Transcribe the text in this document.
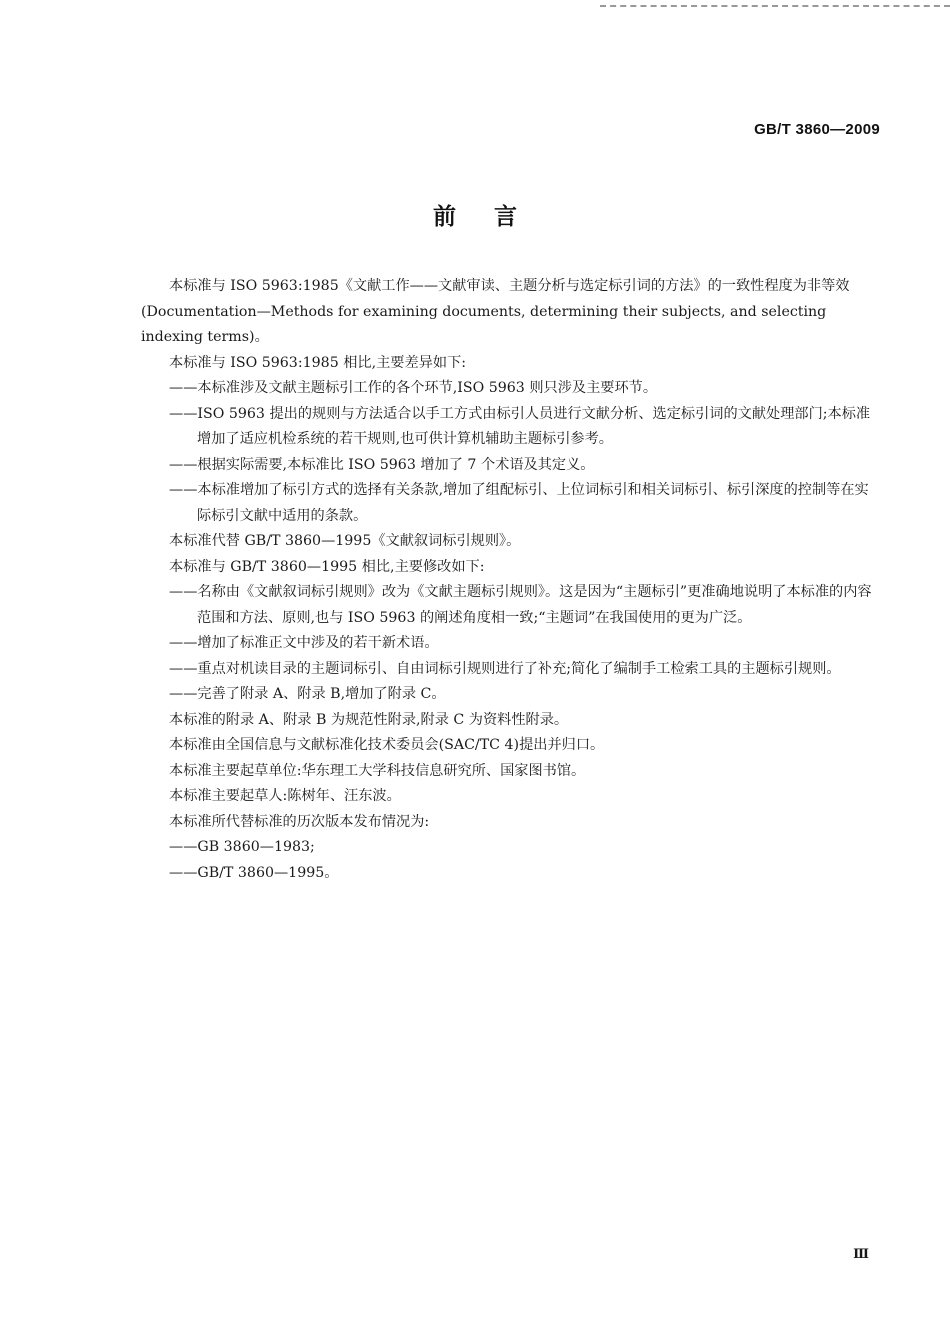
GB/T 3860—2009
前言

本标准与 ISO 5963:1985《文献工作——文献审读、主题分析与选定标引词的方法》的一致性程度为非等效(Documentation—Methods for examining documents, determining their subjects, and selecting indexing terms)。

本标准与 ISO 5963:1985 相比,主要差异如下:

——本标准涉及文献主题标引工作的各个环节,ISO 5963 则只涉及主要环节。

——ISO 5963 提出的规则与方法适合以手工方式由标引人员进行文献分析、选定标引词的文献处理部门;本标准增加了适应机检系统的若干规则,也可供计算机辅助主题标引参考。

——根据实际需要,本标准比 ISO 5963 增加了 7 个术语及其定义。

——本标准增加了标引方式的选择有关条款,增加了组配标引、上位词标引和相关词标引、标引深度的控制等在实际标引文献中适用的条款。

本标准代替 GB/T 3860—1995《文献叙词标引规则》。

本标准与 GB/T 3860—1995 相比,主要修改如下:

——名称由《文献叙词标引规则》改为《文献主题标引规则》。这是因为“主题标引”更准确地说明了本标准的内容范围和方法、原则,也与 ISO 5963 的阐述角度相一致;“主题词”在我国使用的更为广泛。

——增加了标准正文中涉及的若干新术语。

——重点对机读目录的主题词标引、自由词标引规则进行了补充;简化了编制手工检索工具的主题标引规则。

——完善了附录 A、附录 B,增加了附录 C。

本标准的附录 A、附录 B 为规范性附录,附录 C 为资料性附录。

本标准由全国信息与文献标准化技术委员会(SAC/TC 4)提出并归口。

本标准主要起草单位:华东理工大学科技信息研究所、国家图书馆。

本标准主要起草人:陈树年、汪东波。

本标准所代替标准的历次版本发布情况为:

——GB 3860—1983;

——GB/T 3860—1995。

Ⅲ
